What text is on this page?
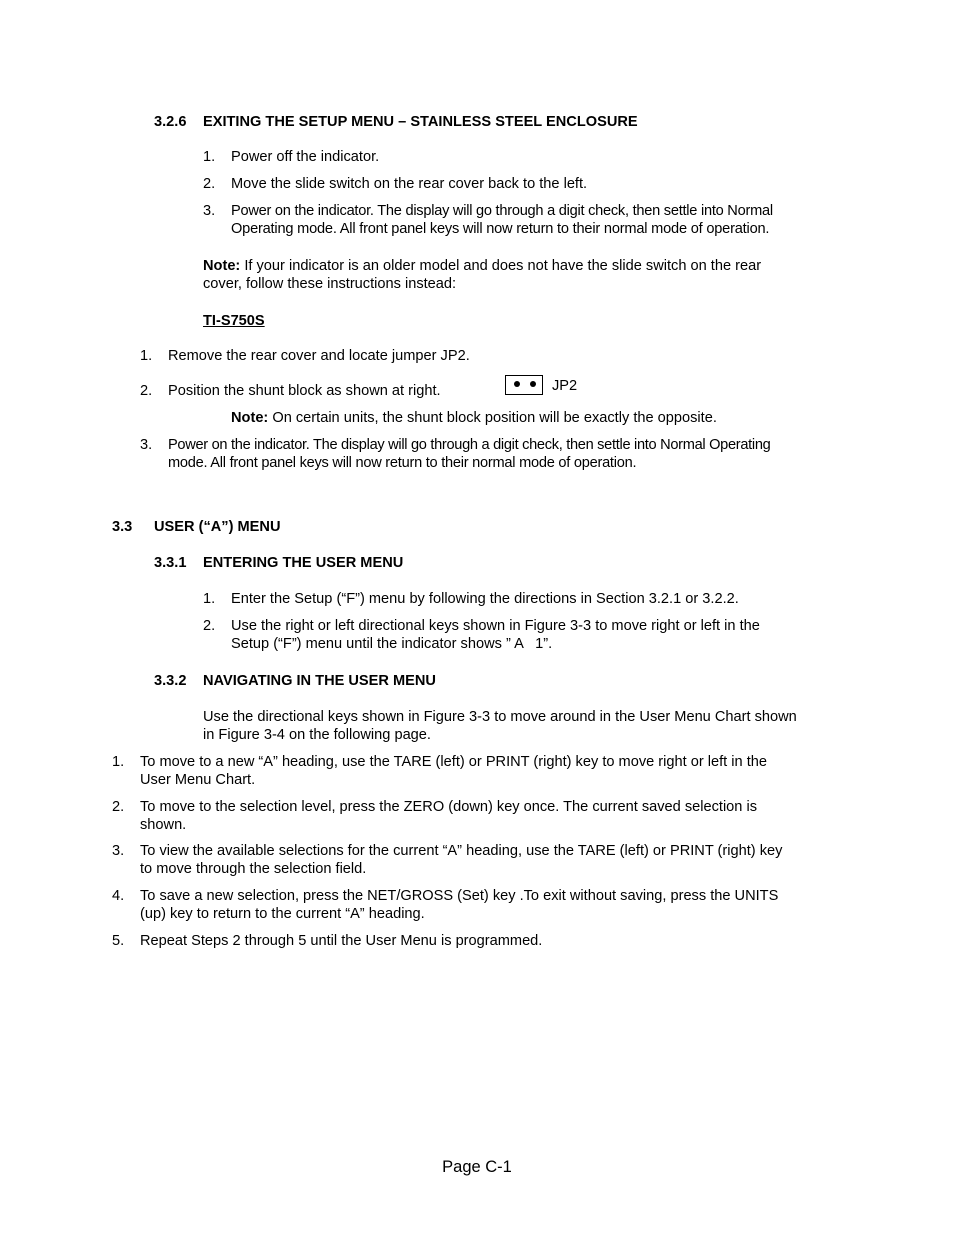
3.2.6 EXITING THE SETUP MENU – STAINLESS STEEL ENCLOSURE
1. Power off the indicator.
2. Move the slide switch on the rear cover back to the left.
3. Power on the indicator. The display will go through a digit check, then settle into Normal
Operating mode. All front panel keys will now return to their normal mode of operation.
Note: If your indicator is an older model and does not have the slide switch on the rear
cover, follow these instructions instead:
TI-S750S
1. Remove the rear cover and locate jumper JP2.
2. Position the shunt block as shown at right.	JP2
Note: On certain units, the shunt block position will be exactly the opposite.
3. Power on the indicator. The display will go through a digit check, then settle into Normal Operating
mode. All front panel keys will now return to their normal mode of operation.
3.3 USER (“A”) MENU
3.3.1 ENTERING THE USER MENU
1. Enter the Setup (“F”) menu by following the directions in Section 3.2.1 or 3.2.2.
2. Use the right or left directional keys shown in Figure 3-3 to move right or left in the
Setup (“F”) menu until the indicator shows ” A   1”.
3.3.2 NAVIGATING IN THE USER MENU
Use the directional keys shown in Figure 3-3 to move around in the User Menu Chart shown
in Figure 3-4 on the following page.
1. To move to a new “A” heading, use the TARE (left) or PRINT (right) key to move right or left in the
User Menu Chart.
2. To move to the selection level, press the ZERO (down) key once. The current saved selection is
shown.
3. To view the available selections for the current “A” heading, use the TARE (left) or PRINT (right) key
to move through the selection field.
4. To save a new selection, press the NET/GROSS (Set) key .To exit without saving, press the UNITS
(up) key to return to the current “A” heading.
5. Repeat Steps 2 through 5 until the User Menu is programmed.
Page C-1
